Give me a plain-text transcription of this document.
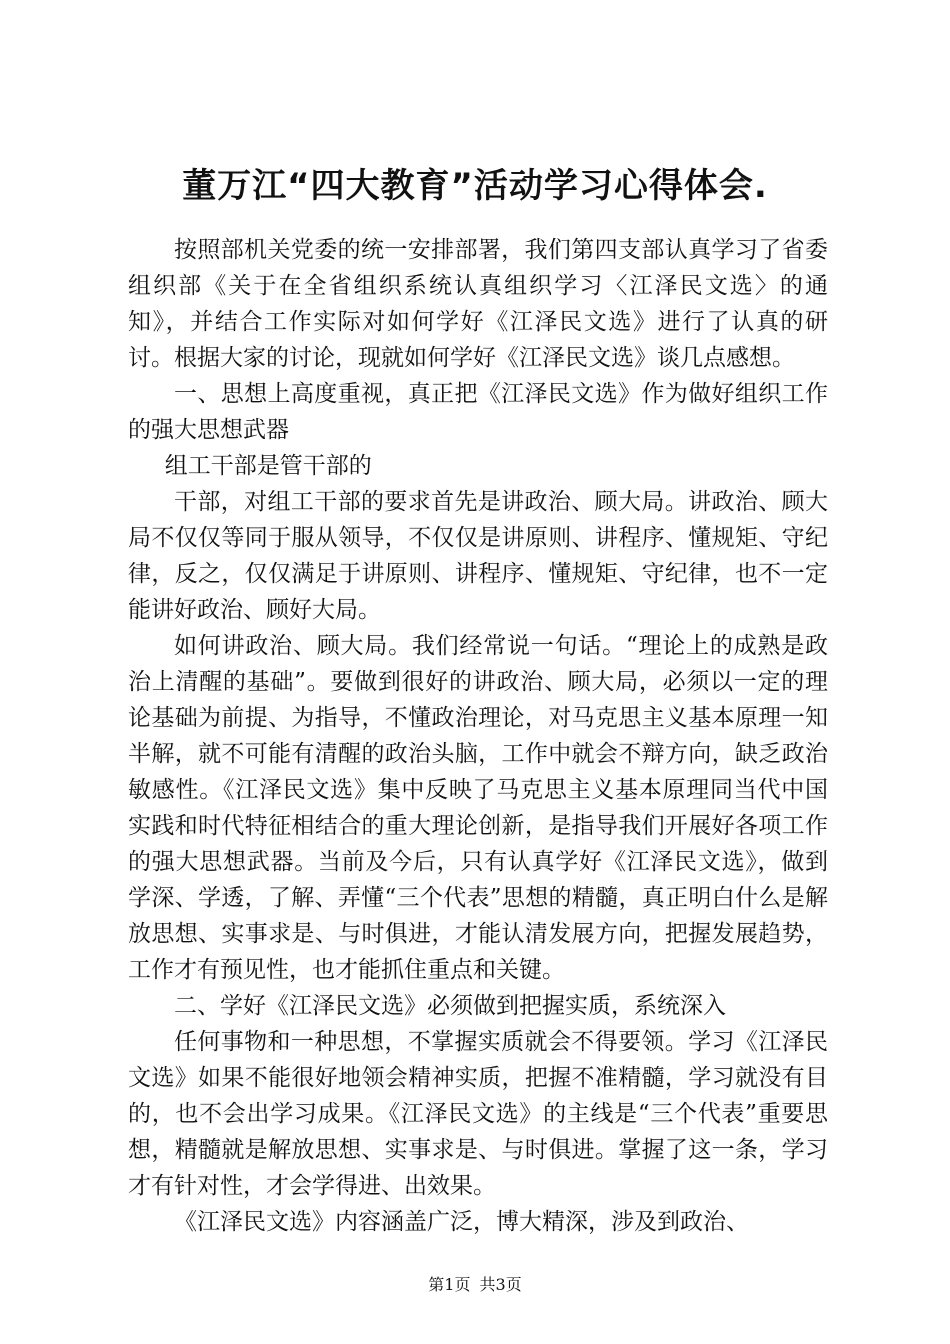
董万江“四大教育”活动学习心得体会.

按照部机关党委的统一安排部署，我们第四支部认真学习了省委组织部《关于在全省组织系统认真组织学习〈江泽民文选〉的通知》，并结合工作实际对如何学好《江泽民文选》进行了认真的研讨。根据大家的讨论，现就如何学好《江泽民文选》谈几点感想。

一、思想上高度重视，真正把《江泽民文选》作为做好组织工作的强大思想武器

组工干部是管干部的

干部，对组工干部的要求首先是讲政治、顾大局。讲政治、顾大局不仅仅等同于服从领导，不仅仅是讲原则、讲程序、懂规矩、守纪律，反之，仅仅满足于讲原则、讲程序、懂规矩、守纪律，也不一定能讲好政治、顾好大局。

如何讲政治、顾大局。我们经常说一句话。“理论上的成熟是政治上清醒的基础”。要做到很好的讲政治、顾大局，必须以一定的理论基础为前提、为指导，不懂政治理论，对马克思主义基本原理一知半解，就不可能有清醒的政治头脑，工作中就会不辩方向，缺乏政治敏感性。《江泽民文选》集中反映了马克思主义基本原理同当代中国实践和时代特征相结合的重大理论创新，是指导我们开展好各项工作的强大思想武器。当前及今后，只有认真学好《江泽民文选》，做到学深、学透，了解、弄懂“三个代表”思想的精髓，真正明白什么是解放思想、实事求是、与时俱进，才能认清发展方向，把握发展趋势，工作才有预见性，也才能抓住重点和关键。

二、学好《江泽民文选》必须做到把握实质，系统深入

任何事物和一种思想，不掌握实质就会不得要领。学习《江泽民文选》如果不能很好地领会精神实质，把握不准精髓，学习就没有目的，也不会出学习成果。《江泽民文选》的主线是“三个代表”重要思想，精髓就是解放思想、实事求是、与时俱进。掌握了这一条，学习才有针对性，才会学得进、出效果。

《江泽民文选》内容涵盖广泛，博大精深，涉及到政治、

第1页 共3页
